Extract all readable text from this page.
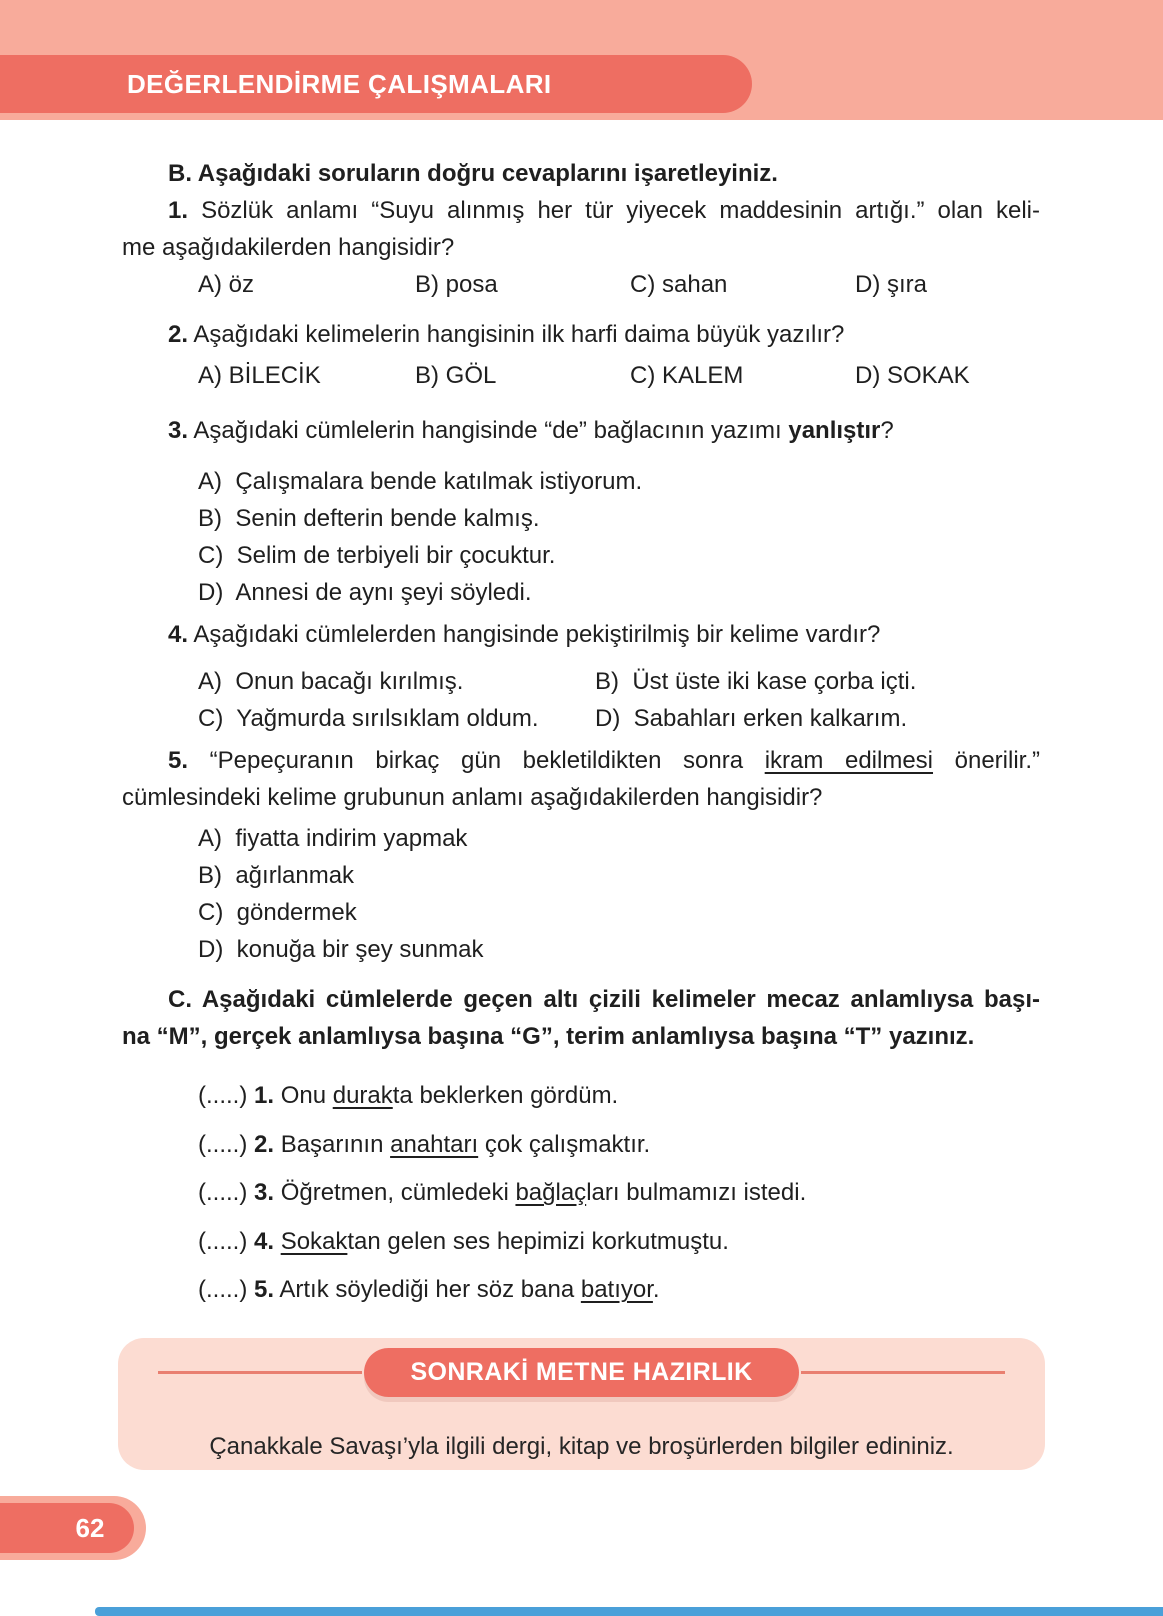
DEĞERLENDİRME ÇALIŞMALARI
B. Aşağıdaki soruların doğru cevaplarını işaretleyiniz.
1. Sözlük anlamı “Suyu alınmış her tür yiyecek maddesinin artığı.” olan keli-
me aşağıdakilerden hangisidir?
A) öz	B) posa	C) sahan	D) şıra
2. Aşağıdaki kelimelerin hangisinin ilk harfi daima büyük yazılır?
A) BİLECİK	B) GÖL	C) KALEM	D) SOKAK
3. Aşağıdaki cümlelerin hangisinde “de” bağlacının yazımı yanlıştır?
A)  Çalışmalara bende katılmak istiyorum.
B)  Senin defterin bende kalmış.
C)  Selim de terbiyeli bir çocuktur.
D)  Annesi de aynı şeyi söyledi.
4. Aşağıdaki cümlelerden hangisinde pekiştirilmiş bir kelime vardır?
A)  Onun bacağı kırılmış.	B)  Üst üste iki kase çorba içti.
C)  Yağmurda sırılsıklam oldum. D)  Sabahları erken kalkarım.
5. “Pepeçuranın birkaç gün bekletildikten sonra ikram edilmesi önerilir.”
cümlesindeki kelime grubunun anlamı aşağıdakilerden hangisidir?
A)  fiyatta indirim yapmak
B)  ağırlanmak
C)  göndermek
D)  konuğa bir şey sunmak
C. Aşağıdaki cümlelerde geçen altı çizili kelimeler mecaz anlamlıysa başı-
na “M”, gerçek anlamlıysa başına “G”, terim anlamlıysa başına “T” yazınız.
(.....) 1. Onu durakta beklerken gördüm.
(.....) 2. Başarının anahtarı çok çalışmaktır.
(.....) 3. Öğretmen, cümledeki bağlaçları bulmamızı istedi.
(.....) 4. Sokaktan gelen ses hepimizi korkutmuştu.
(.....) 5. Artık söylediği her söz bana batıyor.
SONRAKİ METNE HAZIRLIK
Çanakkale Savaşı’yla ilgili dergi, kitap ve broşürlerden bilgiler edininiz.
62
